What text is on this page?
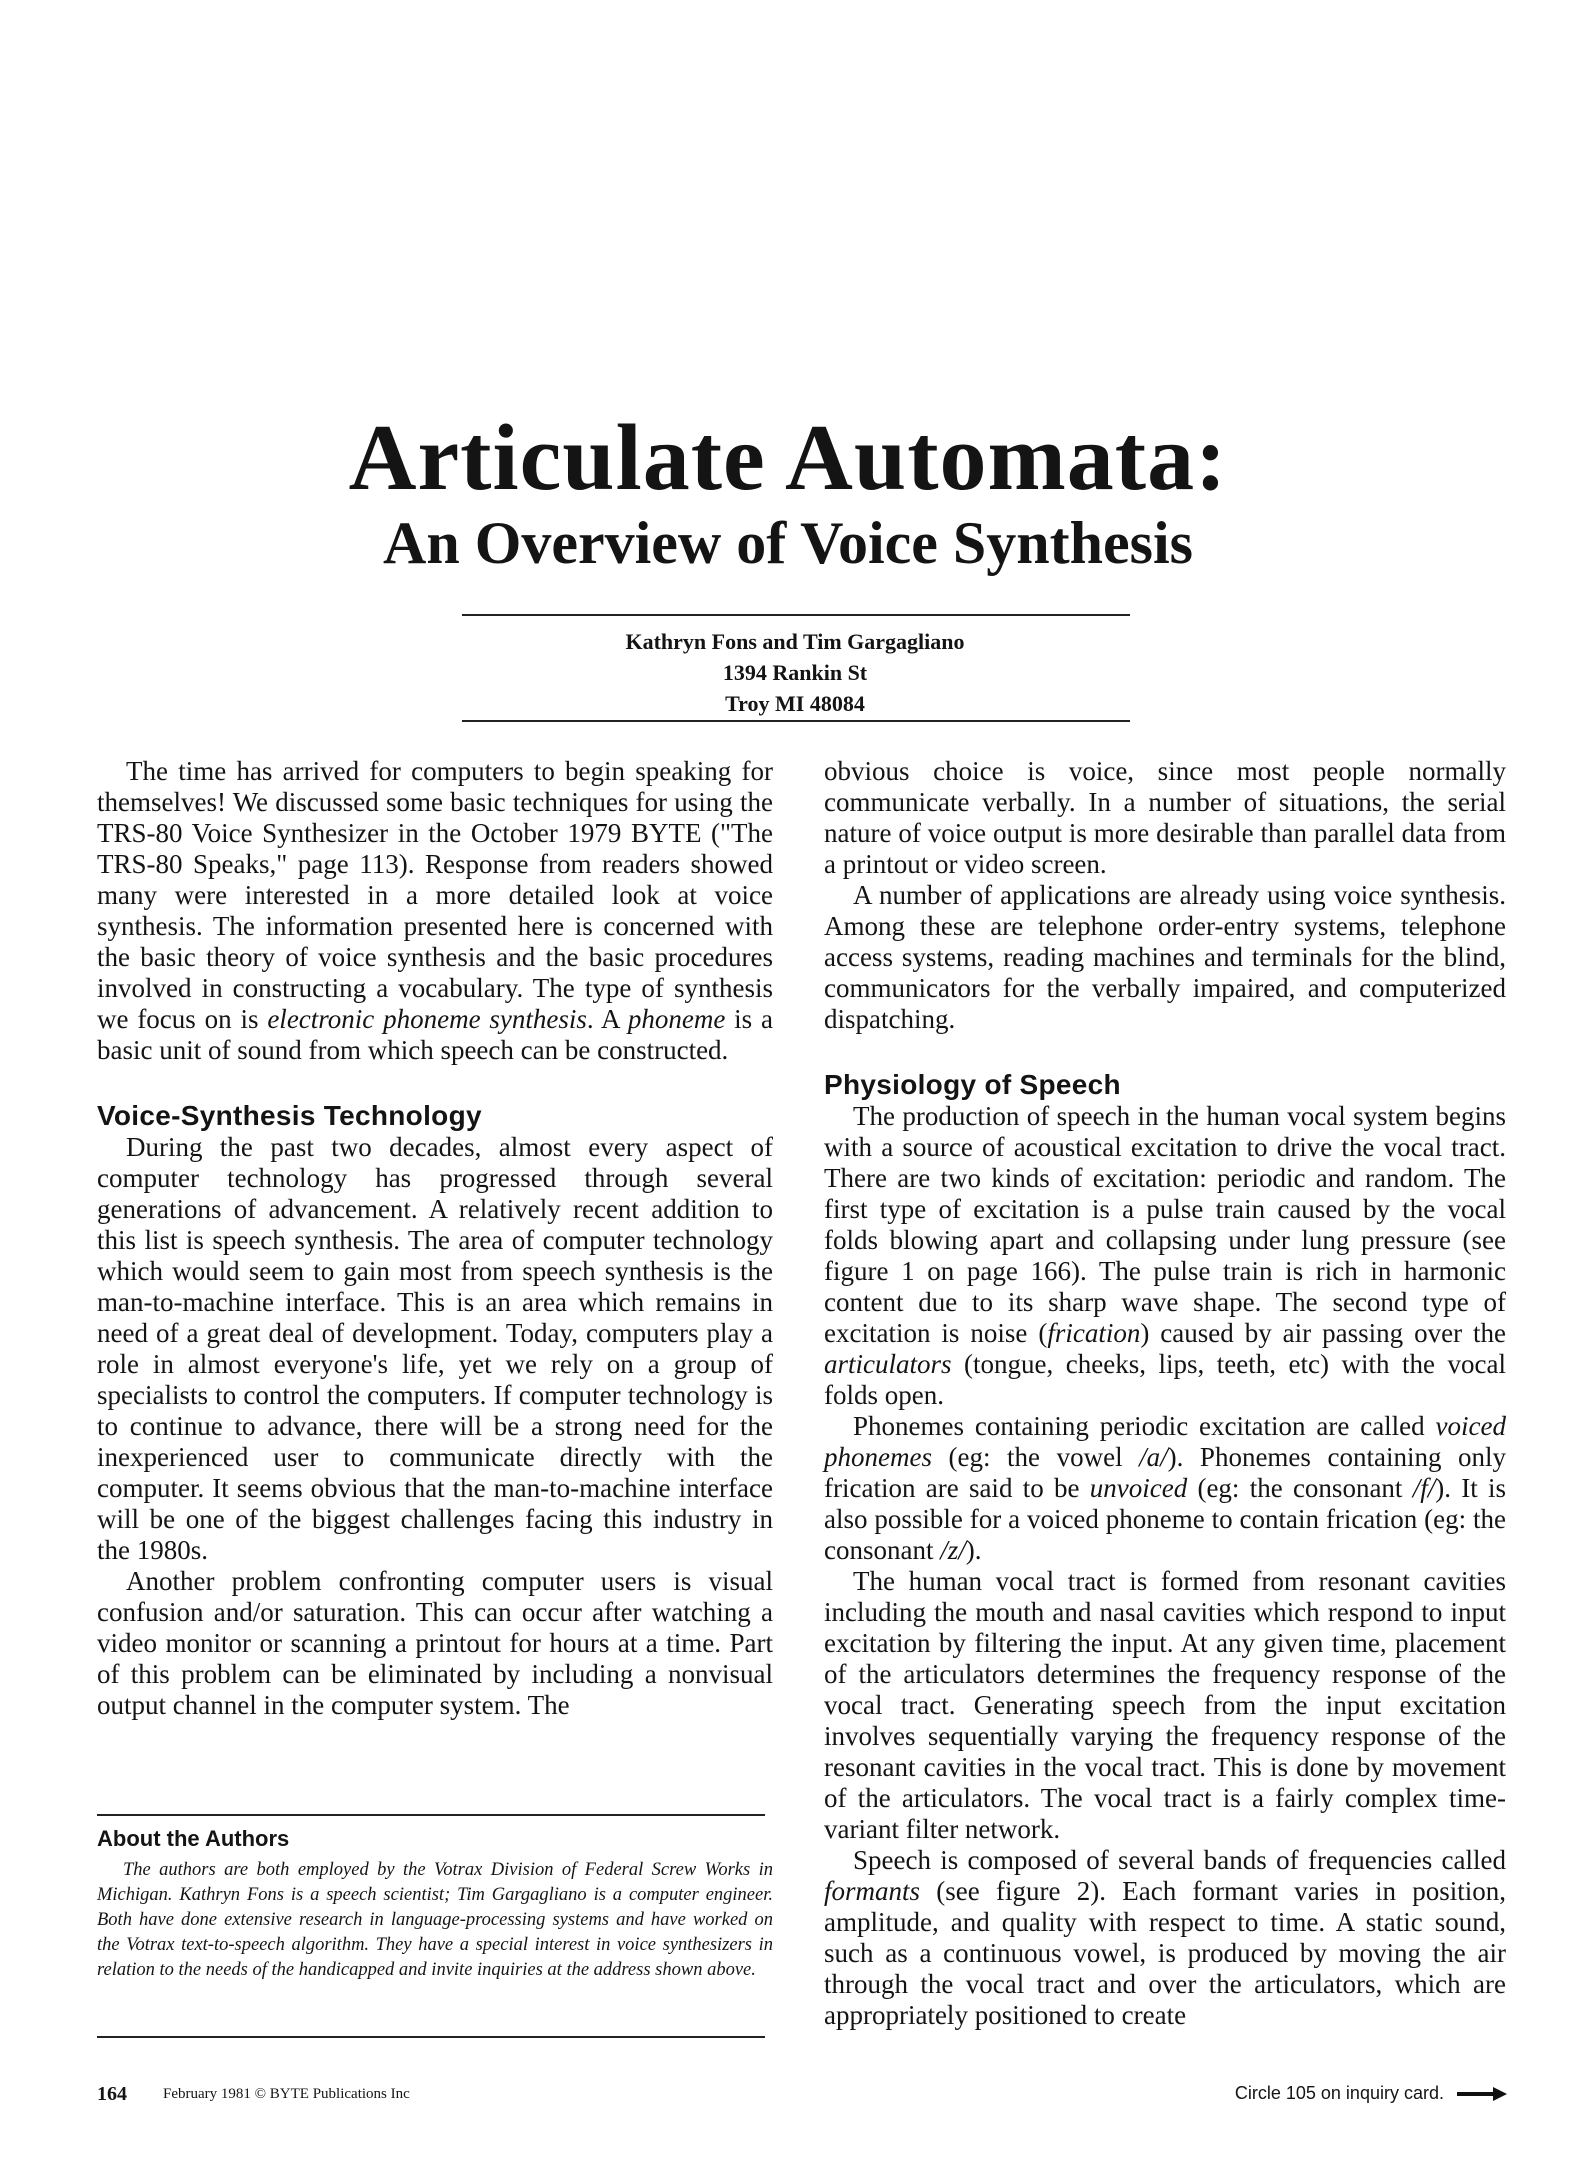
Articulate Automata:
An Overview of Voice Synthesis
Kathryn Fons and Tim Gargagliano
1394 Rankin St
Troy MI 48084

The time has arrived for computers to begin speaking for themselves! We discussed some basic techniques for using the TRS-80 Voice Synthesizer in the October 1979 BYTE ("The TRS-80 Speaks," page 113). Response from readers showed many were interested in a more detailed look at voice synthesis. The information presented here is concerned with the basic theory of voice synthesis and the basic procedures involved in constructing a vocabulary. The type of synthesis we focus on is electronic phoneme synthesis. A phoneme is a basic unit of sound from which speech can be constructed.

Voice-Synthesis Technology

During the past two decades, almost every aspect of computer technology has progressed through several generations of advancement. A relatively recent addition to this list is speech synthesis. The area of computer technology which would seem to gain most from speech synthesis is the man-to-machine interface. This is an area which remains in need of a great deal of development. Today, computers play a role in almost everyone's life, yet we rely on a group of specialists to control the computers. If computer technology is to continue to advance, there will be a strong need for the inexperienced user to communicate directly with the computer. It seems obvious that the man-to-machine interface will be one of the biggest challenges facing this industry in the 1980s.

Another problem confronting computer users is visual confusion and/or saturation. This can occur after watching a video monitor or scanning a printout for hours at a time. Part of this problem can be eliminated by including a nonvisual output channel in the computer system. The

About the Authors

The authors are both employed by the Votrax Division of Federal Screw Works in Michigan. Kathryn Fons is a speech scientist; Tim Gargagliano is a computer engineer. Both have done extensive research in language-processing systems and have worked on the Votrax text-to-speech algorithm. They have a special interest in voice synthesizers in relation to the needs of the handicapped and invite inquiries at the address shown above.

obvious choice is voice, since most people normally communicate verbally. In a number of situations, the serial nature of voice output is more desirable than parallel data from a printout or video screen.

A number of applications are already using voice synthesis. Among these are telephone order-entry systems, telephone access systems, reading machines and terminals for the blind, communicators for the verbally impaired, and computerized dispatching.

Physiology of Speech

The production of speech in the human vocal system begins with a source of acoustical excitation to drive the vocal tract. There are two kinds of excitation: periodic and random. The first type of excitation is a pulse train caused by the vocal folds blowing apart and collapsing under lung pressure (see figure 1 on page 166). The pulse train is rich in harmonic content due to its sharp wave shape. The second type of excitation is noise (frication) caused by air passing over the articulators (tongue, cheeks, lips, teeth, etc) with the vocal folds open.

Phonemes containing periodic excitation are called voiced phonemes (eg: the vowel /a/). Phonemes containing only frication are said to be unvoiced (eg: the consonant /f/). It is also possible for a voiced phoneme to contain frication (eg: the consonant /z/).

The human vocal tract is formed from resonant cavities including the mouth and nasal cavities which respond to input excitation by filtering the input. At any given time, placement of the articulators determines the frequency response of the vocal tract. Generating speech from the input excitation involves sequentially varying the frequency response of the resonant cavities in the vocal tract. This is done by movement of the articulators. The vocal tract is a fairly complex time-variant filter network.

Speech is composed of several bands of frequencies called formants (see figure 2). Each formant varies in position, amplitude, and quality with respect to time. A static sound, such as a continuous vowel, is produced by moving the air through the vocal tract and over the articulators, which are appropriately positioned to create

164 February 1981 © BYTE Publications Inc	Circle 105 on inquiry card.
